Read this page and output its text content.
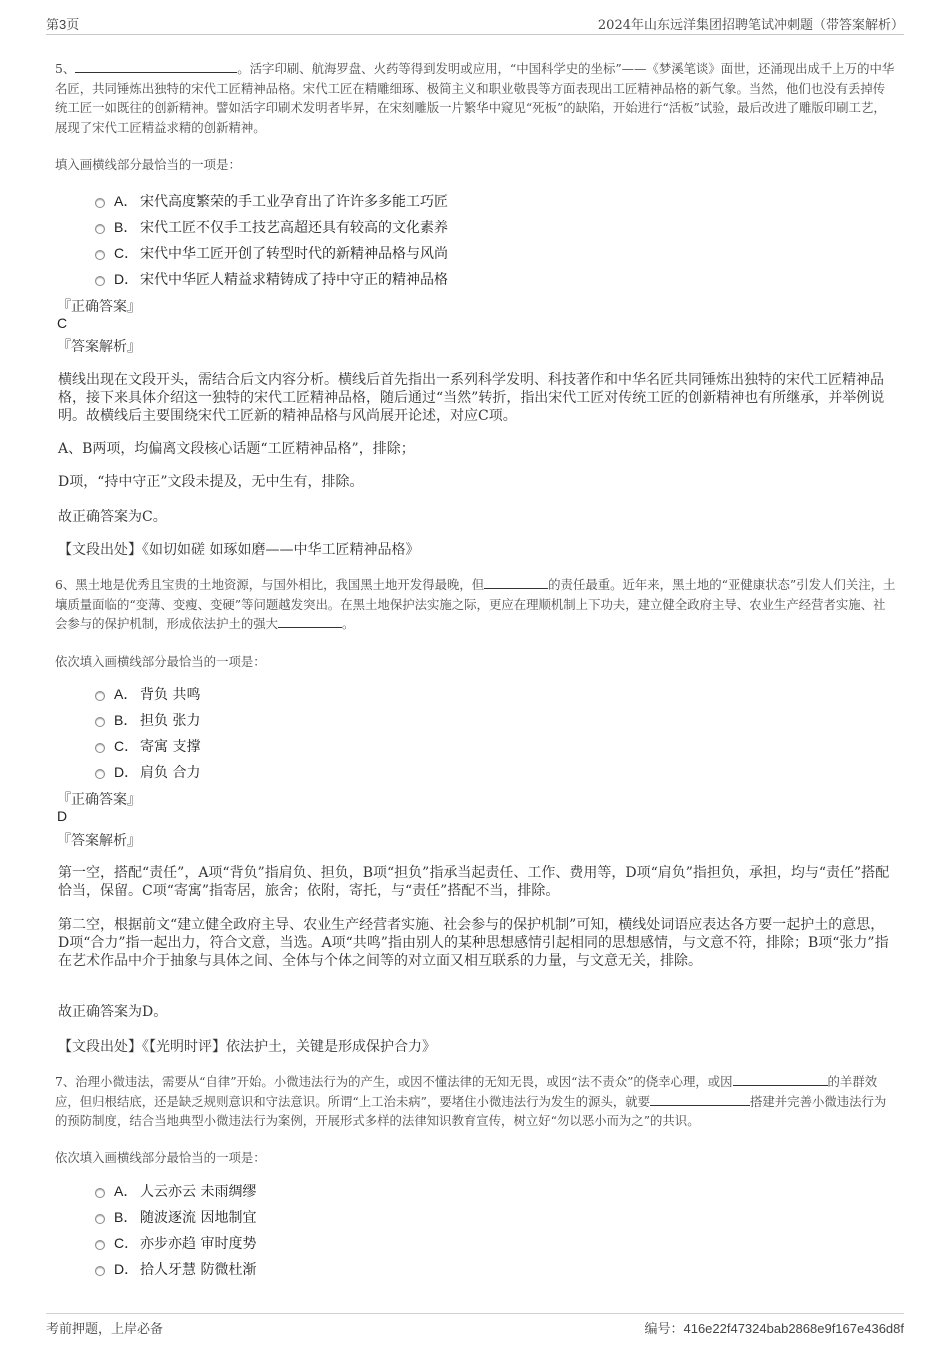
第3页	2024年山东远洋集团招聘笔试冲刺题（带答案解析）
5、	。活字印刷、航海罗盘、火药等得到发明或应用，“中国科学史的坐标”——《梦溪笔谈》面世，还涌现出成千上万的中华名匠，共同锤炼出独特的宋代工匠精神品格。宋代工匠在精雕细琢、极简主义和职业敬畏等方面表现出工匠精神品格的新气象。当然，他们也没有丢掉传统工匠一如既往的创新精神。譬如活字印刷术发明者毕昇，在宋刻雕版一片繁华中窥见“死板”的缺陷，开始进行“活板”试验，最后改进了雕版印刷工艺，展现了宋代工匠精益求精的创新精神。
填入画横线部分最恰当的一项是：
A． 宋代高度繁荣的手工业孕育出了许许多多能工巧匠
B． 宋代工匠不仅手工技艺高超还具有较高的文化素养
C． 宋代中华工匠开创了转型时代的新精神品格与风尚
D． 宋代中华匠人精益求精铸成了持中守正的精神品格
『正确答案』
C
『答案解析』
横线出现在文段开头，需结合后文内容分析。横线后首先指出一系列科学发明、科技著作和中华名匠共同锤炼出独特的宋代工匠精神品格，接下来具体介绍这一独特的宋代工匠精神品格，随后通过“当然”转折，指出宋代工匠对传统工匠的创新精神也有所继承，并举例说明。故横线后主要围绕宋代工匠新的精神品格与风尚展开论述，对应C项。
A、B两项，均偏离文段核心话题“工匠精神品格”，排除；
D项，“持中守正”文段未提及，无中生有，排除。
故正确答案为C。
【文段出处】《如切如磋 如琢如磨——中华工匠精神品格》
6、黑土地是优秀且宝贵的土地资源，与国外相比，我国黑土地开发得最晚，但	的责任最重。近年来，黑土地的“亚健康状态”引发人们关注，土壤质量面临的“变薄、变瘦、变硬”等问题越发突出。在黑土地保护法实施之际，更应在理顺机制上下功夫，建立健全政府主导、农业生产经营者实施、社会参与的保护机制，形成依法护土的强大	。
依次填入画横线部分最恰当的一项是：
A． 背负 共鸣
B． 担负 张力
C． 寄寓 支撑
D． 肩负 合力
『正确答案』
D
『答案解析』
第一空，搭配“责任”，A项“背负”指肩负、担负，B项“担负”指承当起责任、工作、费用等，D项“肩负”指担负，承担，均与“责任”搭配恰当，保留。C项“寄寓”指寄居，旅舍；依附，寄托，与“责任”搭配不当，排除。
第二空，根据前文“建立健全政府主导、农业生产经营者实施、社会参与的保护机制”可知，横线处词语应表达各方要一起护土的意思，D项“合力”指一起出力，符合文意，当选。A项“共鸣”指由别人的某种思想感情引起相同的思想感情，与文意不符，排除；B项“张力”指在艺术作品中介于抽象与具体之间、全体与个体之间等的对立面又相互联系的力量，与文意无关，排除。
故正确答案为D。
【文段出处】《【光明时评】依法护土，关键是形成保护合力》
7、治理小微违法，需要从“自律”开始。小微违法行为的产生，或因不懂法律的无知无畏，或因“法不责众”的侥幸心理，或因	的羊群效应，但归根结底，还是缺乏规则意识和守法意识。所谓“上工治未病”，要堵住小微违法行为发生的源头，就要	搭建并完善小微违法行为的预防制度，结合当地典型小微违法行为案例，开展形式多样的法律知识教育宣传，树立好“勿以恶小而为之”的共识。
依次填入画横线部分最恰当的一项是：
A． 人云亦云 未雨绸缪
B． 随波逐流 因地制宜
C． 亦步亦趋 审时度势
D． 拾人牙慧 防微杜渐
考前押题，上岸必备	编号：416e22f47324bab2868e9f167e436d8f
